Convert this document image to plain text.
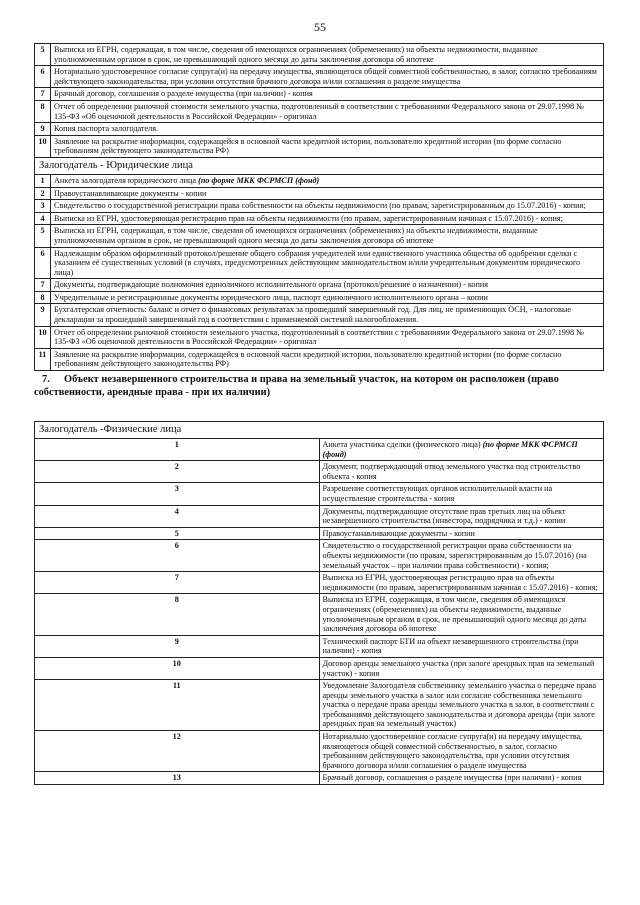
55
5	Выписка из ЕГРН, содержащая, в том числе, сведения об имеющихся ограничениях (обременениях) на объекты недвижимости, выданные уполномоченным органом в срок, не превышающий одного месяца до даты заключения договора об ипотеке
6	Нотариально удостоверенное согласие супруга(и) на передачу имущества, являющегося общей совместной собственностью, в залог, согласно требованиям действующего законодательства, при условии отсутствия брачного договора и/или соглашения о разделе имущества
7	Брачный договор, соглашения о разделе имущества (при наличии) - копия
8	Отчет об определении рыночной стоимости земельного участка, подготовленный в соответствии с требованиями Федерального закона от 29.07.1998 № 135-ФЗ «Об оценочной деятельности в Российской Федерации» - оригинал
9	Копия паспорта залогодателя.
10	Заявление на раскрытие информации, содержащейся в основной части кредитной истории, пользователю кредитной истории (по форме согласно требованиям действующего законодательства РФ)
Залогодатель - Юридические лица	
1	Анкета залогодателя юридического лица (по форме МКК ФСРМСП (фонд)
2	Правоустанавливающие документы - копии
3	Свидетельство о государственной регистрации права собственности на объекты недвижимости (по правам, зарегистрированным до 15.07.2016) - копия;
4	Выписка из ЕГРН, удостоверяющая регистрацию прав на объекты недвижимости (по правам, зарегистрированным начиная с 15.07.2016) - копия;
5	Выписка из ЕГРН, содержащая, в том числе, сведения об имеющихся ограничениях (обременениях) на объекты недвижимости, выданные уполномоченным органом в срок, не превышающий одного месяца до даты заключения договора об ипотеке
6	Надлежащим образом оформленный протокол/решение общего собрания учредителей или единственного участника общества об одобрении сделки с указанием её существенных условий (в случаях, предусмотренных действующим законодательством и/или учредительным документом юридического лица)
7	Документы, подтверждающие полномочия единоличного исполнительного органа (протокол/решение о назначении) - копия
8	Учредительные и регистрационные документы юридического лица, паспорт единоличного исполнительного органа – копии
9	Бухгалтерская отчетность: баланс и отчет о финансовых результатах за прошедший завершенный год. Для лиц, не применяющих ОСН, - налоговые декларации за прошедший завершенный год в соответствии с применяемой системой налогообложения.
10	Отчет об определении рыночной стоимости земельного участка, подготовленный в соответствии с требованиями Федерального закона от 29.07.1998 № 135-ФЗ «Об оценочной деятельности в Российской Федерации» - оригинал
11	Заявление на раскрытие информации, содержащейся в основной части кредитной истории, пользователю кредитной истории (по форме согласно требованиям действующего законодательства РФ)
7. Объект незавершенного строительства и права на земельный участок, на котором он расположен (право собственности, арендные права - при их наличии)
Залогодатель -Физические лица	
1	Анкета участника сделки (физического лица) (по форме МКК ФСРМСП (фонд)
2	Документ, подтверждающий отвод земельного участка под строительство объекта - копия
3	Разрешение соответствующих органов исполнительной власти на осуществление строительства - копия
4	Документы, подтверждающие отсутствие прав третьих лиц на объект незавершенного строительства (инвестора, подрядчика и т.д.) - копии
5	Правоустанавливающие документы - копии
6	Свидетельство о государственной регистрации права собственности на объекты недвижимости (по правам, зарегистрированным до 15.07.2016) (на земельный участок – при наличии права собственности) - копия;
7	Выписка из ЕГРН, удостоверяющая регистрацию прав на объекты недвижимости (по правам, зарегистрированным начиная с 15.07.2016) - копия;
8	Выписка из ЕГРН, содержащая, в том числе, сведения об имеющихся ограничениях (обременениях) на объекты недвижимости, выданные уполномоченным органом в срок, не превышающий одного месяца до даты заключения договора об ипотеке
9	Технический паспорт БТИ на объект незавершенного строительства (при наличии) - копия
10	Договор аренды земельного участка (при залоге арендных прав на земельный участок) - копия
11	Уведомление Залогодателя собственнику земельного участка о передаче права аренды земельного участка в залог или согласие собственника земельного участка о передаче права аренды земельного участка в залог, в соответствии с требованиями действующего законодательства и договора аренды (при залоге арендных прав на земельный участок)
12	Нотариально удостоверенное согласие супруга(и) на передачу имущества, являющегося общей совместной собственностью, в залог, согласно требованиям действующего законодательства, при условии отсутствия брачного договора и/или соглашения о разделе имущества
13	Брачный договор, соглашения о разделе имущества (при наличии) - копия
